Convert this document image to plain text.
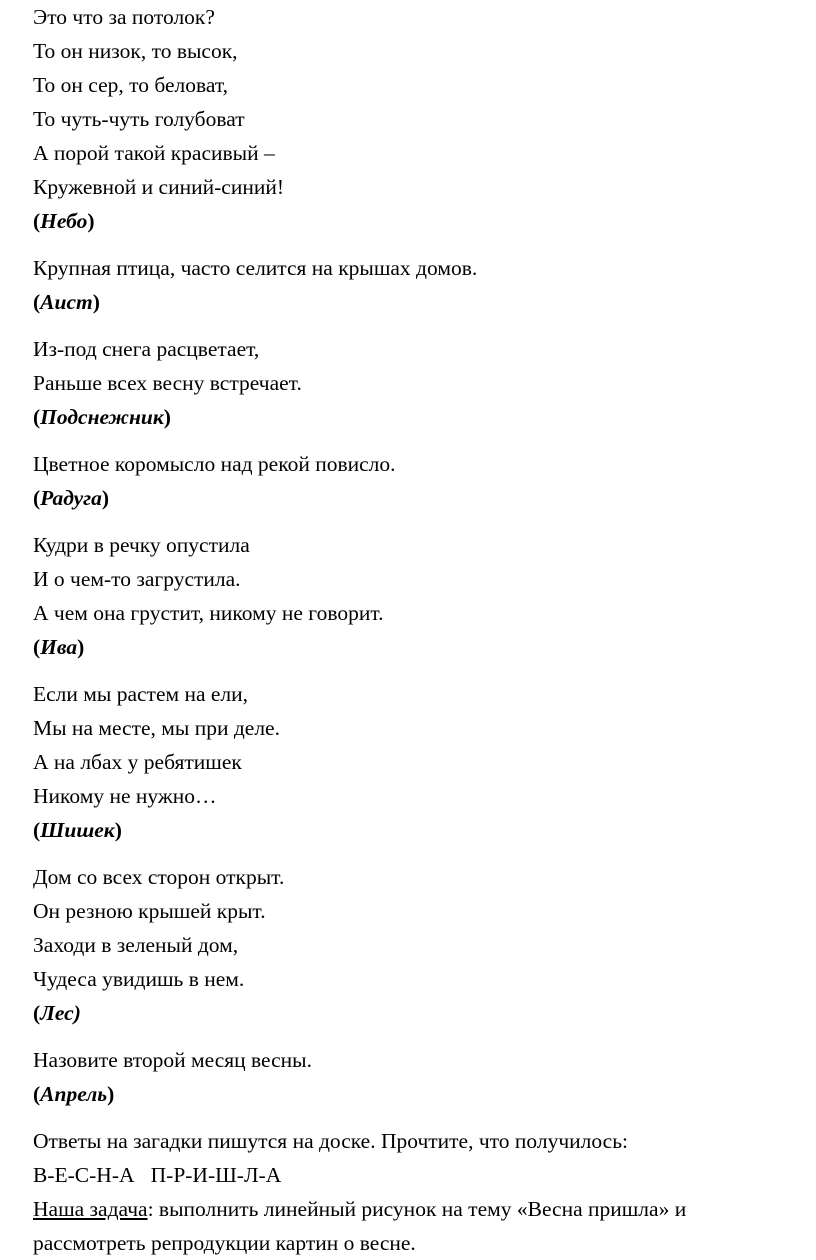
Это что за потолок?
То он низок, то высок,
То он сер, то беловат,
То чуть-чуть голубоват
А порой такой красивый –
Кружевной и синий-синий!
(Небо)
Крупная птица, часто селится на крышах домов.
(Аист)
Из-под снега расцветает,
Раньше всех весну встречает.
(Подснежник)
Цветное коромысло над рекой повисло.
(Радуга)
Кудри в речку опустила
И о чем-то загрустила.
А чем она грустит, никому не говорит.
(Ива)
Если мы растем на ели,
Мы на месте, мы при деле.
А на лбах у ребятишек
Никому не нужно…
(Шишек)
Дом со всех сторон открыт.
Он резною крышей крыт.
Заходи в зеленый дом,
Чудеса увидишь в нем.
(Лес)
Назовите второй месяц весны.
(Апрель)
Ответы на загадки пишутся на доске. Прочтите, что получилось:
В-Е-С-Н-А   П-Р-И-Ш-Л-А
Наша задача: выполнить линейный рисунок на тему «Весна пришла» и рассмотреть репродукции картин о весне.
